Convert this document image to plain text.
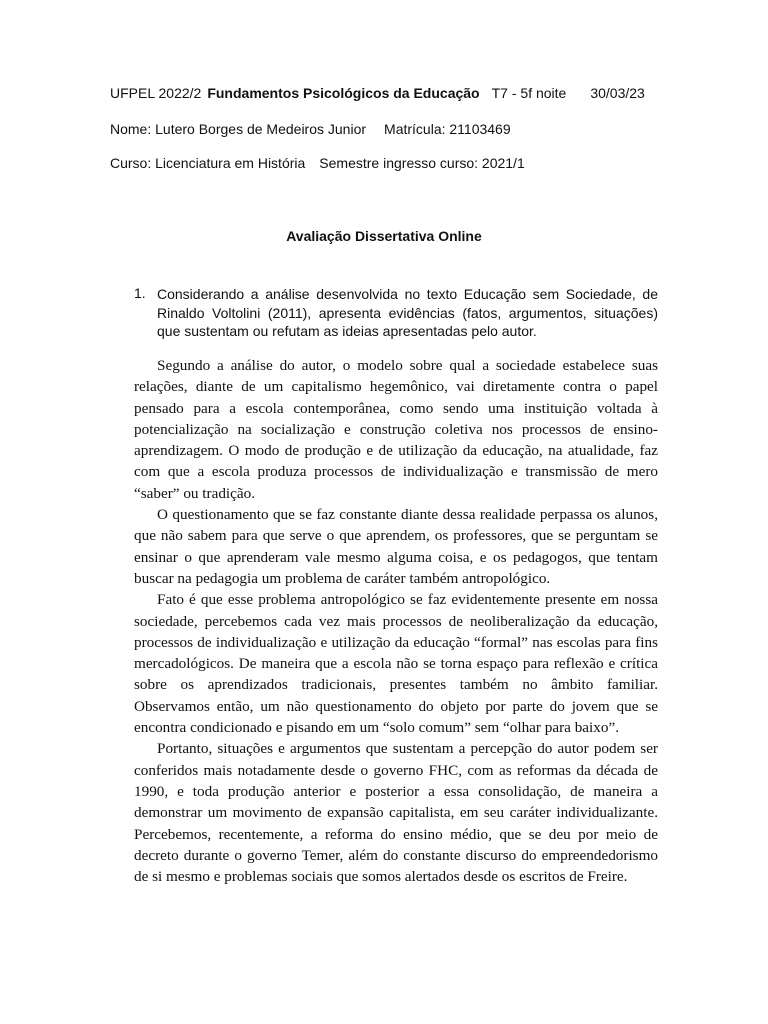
UFPEL 2022/2 Fundamentos Psicológicos da Educação T7 - 5f noite 30/03/23
Nome: Lutero Borges de Medeiros Junior Matrícula: 21103469
Curso: Licenciatura em História Semestre ingresso curso: 2021/1
Avaliação Dissertativa Online
1. Considerando a análise desenvolvida no texto Educação sem Sociedade, de Rinaldo Voltolini (2011), apresenta evidências (fatos, argumentos, situações) que sustentam ou refutam as ideias apresentadas pelo autor.

Segundo a análise do autor, o modelo sobre qual a sociedade estabelece suas relações, diante de um capitalismo hegemônico, vai diretamente contra o papel pensado para a escola contemporânea, como sendo uma instituição voltada à potencialização na socialização e construção coletiva nos processos de ensino-aprendizagem. O modo de produção e de utilização da educação, na atualidade, faz com que a escola produza processos de individualização e transmissão de mero “saber” ou tradição.

O questionamento que se faz constante diante dessa realidade perpassa os alunos, que não sabem para que serve o que aprendem, os professores, que se perguntam se ensinar o que aprenderam vale mesmo alguma coisa, e os pedagogos, que tentam buscar na pedagogia um problema de caráter também antropológico.

Fato é que esse problema antropológico se faz evidentemente presente em nossa sociedade, percebemos cada vez mais processos de neoliberalização da educação, processos de individualização e utilização da educação “formal” nas escolas para fins mercadológicos. De maneira que a escola não se torna espaço para reflexão e crítica sobre os aprendizados tradicionais, presentes também no âmbito familiar. Observamos então, um não questionamento do objeto por parte do jovem que se encontra condicionado e pisando em um “solo comum” sem “olhar para baixo”.

Portanto, situações e argumentos que sustentam a percepção do autor podem ser conferidos mais notadamente desde o governo FHC, com as reformas da década de 1990, e toda produção anterior e posterior a essa consolidação, de maneira a demonstrar um movimento de expansão capitalista, em seu caráter individualizante. Percebemos, recentemente, a reforma do ensino médio, que se deu por meio de decreto durante o governo Temer, além do constante discurso do empreendedorismo de si mesmo e problemas sociais que somos alertados desde os escritos de Freire.
